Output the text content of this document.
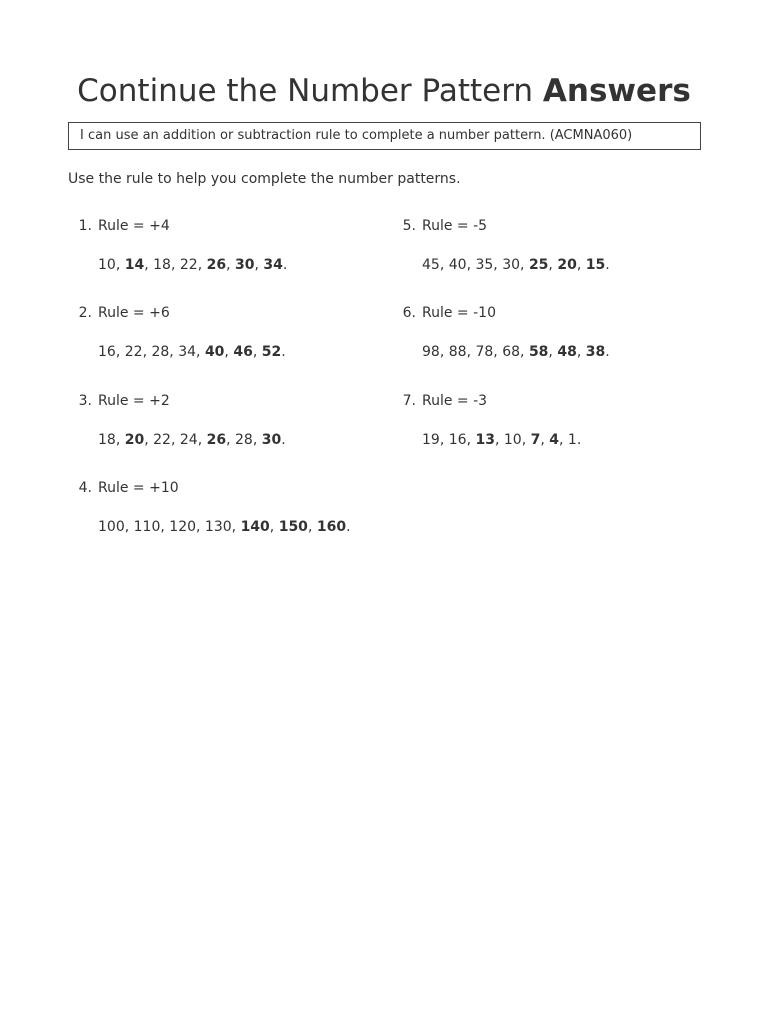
Continue the Number Pattern Answers
I can use an addition or subtraction rule to complete a number pattern. (ACMNA060)
Use the rule to help you complete the number patterns.
1. Rule = +4
10, 14, 18, 22, 26, 30, 34.
2. Rule = +6
16, 22, 28, 34, 40, 46, 52.
3. Rule = +2
18, 20, 22, 24, 26, 28, 30.
4. Rule = +10
100, 110, 120, 130, 140, 150, 160.
5. Rule = -5
45, 40, 35, 30, 25, 20, 15.
6. Rule = -10
98, 88, 78, 68, 58, 48, 38.
7. Rule = -3
19, 16, 13, 10, 7, 4, 1.
